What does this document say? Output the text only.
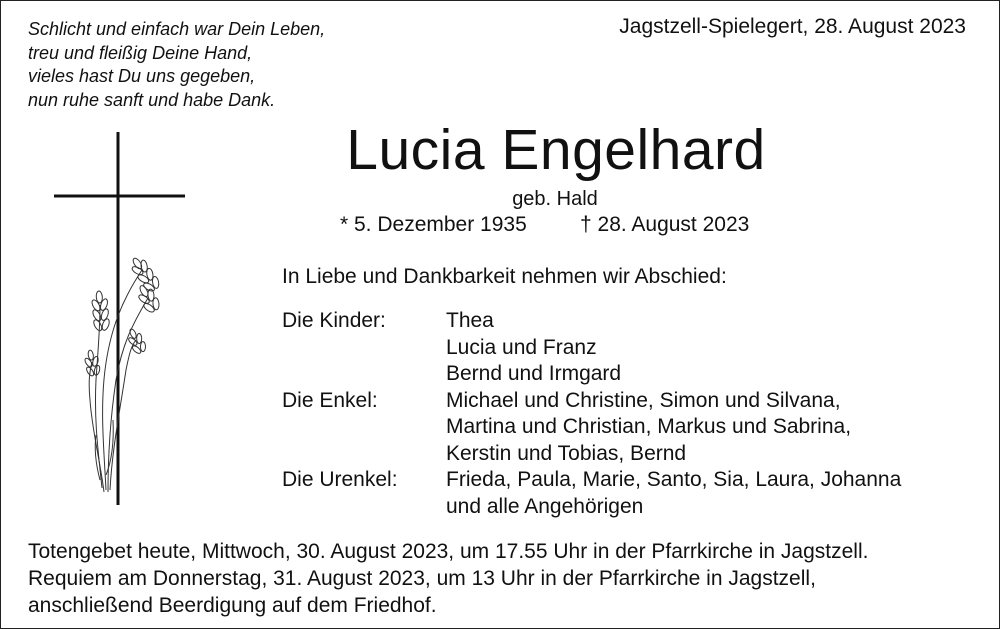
Schlicht und einfach war Dein Leben,
treu und fleißig Deine Hand,
vieles hast Du uns gegeben,
nun ruhe sanft und habe Dank.
Jagstzell-Spielegert, 28. August 2023
Lucia Engelhard
geb. Hald
* 5. Dezember 1935	† 28. August 2023
In Liebe und Dankbarkeit nehmen wir Abschied:
Die Kinder:	Thea
Lucia und Franz
Bernd und Irmgard
Die Enkel:	Michael und Christine, Simon und Silvana,
Martina und Christian, Markus und Sabrina,
Kerstin und Tobias, Bernd
Die Urenkel:	Frieda, Paula, Marie, Santo, Sia, Laura, Johanna
und alle Angehörigen
Totengebet heute, Mittwoch, 30. August 2023, um 17.55 Uhr in der Pfarrkirche in Jagstzell.
Requiem am Donnerstag, 31. August 2023, um 13 Uhr in der Pfarrkirche in Jagstzell,
anschließend Beerdigung auf dem Friedhof.
